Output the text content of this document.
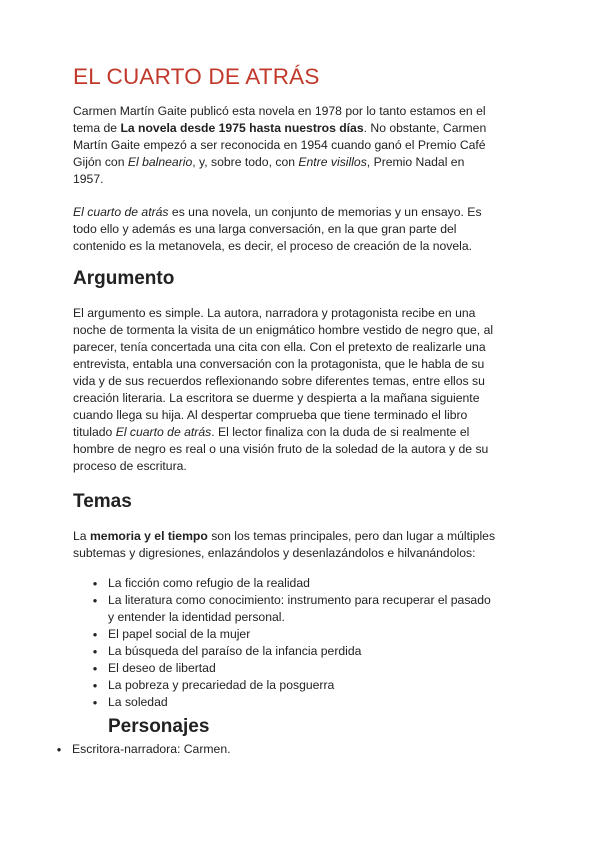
EL CUARTO DE ATRÁS
Carmen Martín Gaite publicó esta novela en 1978 por lo tanto estamos en el
tema de La novela desde 1975 hasta nuestros días. No obstante, Carmen
Martín Gaite empezó a ser reconocida en 1954 cuando ganó el Premio Café
Gijón con El balneario, y, sobre todo, con Entre visillos, Premio Nadal en
1957.
El cuarto de atrás es una novela, un conjunto de memorias y un ensayo. Es
todo ello y además es una larga conversación, en la que gran parte del
contenido es la metanovela, es decir, el proceso de creación de la novela.
Argumento
El argumento es simple. La autora, narradora y protagonista recibe en una
noche de tormenta la visita de un enigmático hombre vestido de negro que, al
parecer, tenía concertada una cita con ella. Con el pretexto de realizarle una
entrevista, entabla una conversación con la protagonista, que le habla de su
vida y de sus recuerdos reflexionando sobre diferentes temas, entre ellos su
creación literaria. La escritora se duerme y despierta a la mañana siguiente
cuando llega su hija. Al despertar comprueba que tiene terminado el libro
titulado El cuarto de atrás. El lector finaliza con la duda de si realmente el
hombre de negro es real o una visión fruto de la soledad de la autora y de su
proceso de escritura.
Temas
La memoria y el tiempo son los temas principales, pero dan lugar a múltiples
subtemas y digresiones, enlazándolos y desenlazándolos e hilvanándolos:
● La ficción como refugio de la realidad
● La literatura como conocimiento: instrumento para recuperar el pasado
y entender la identidad personal.
● El papel social de la mujer
● La búsqueda del paraíso de la infancia perdida
● El deseo de libertad
● La pobreza y precariedad de la posguerra
● La soledad
Personajes
● Escritora-narradora: Carmen.
